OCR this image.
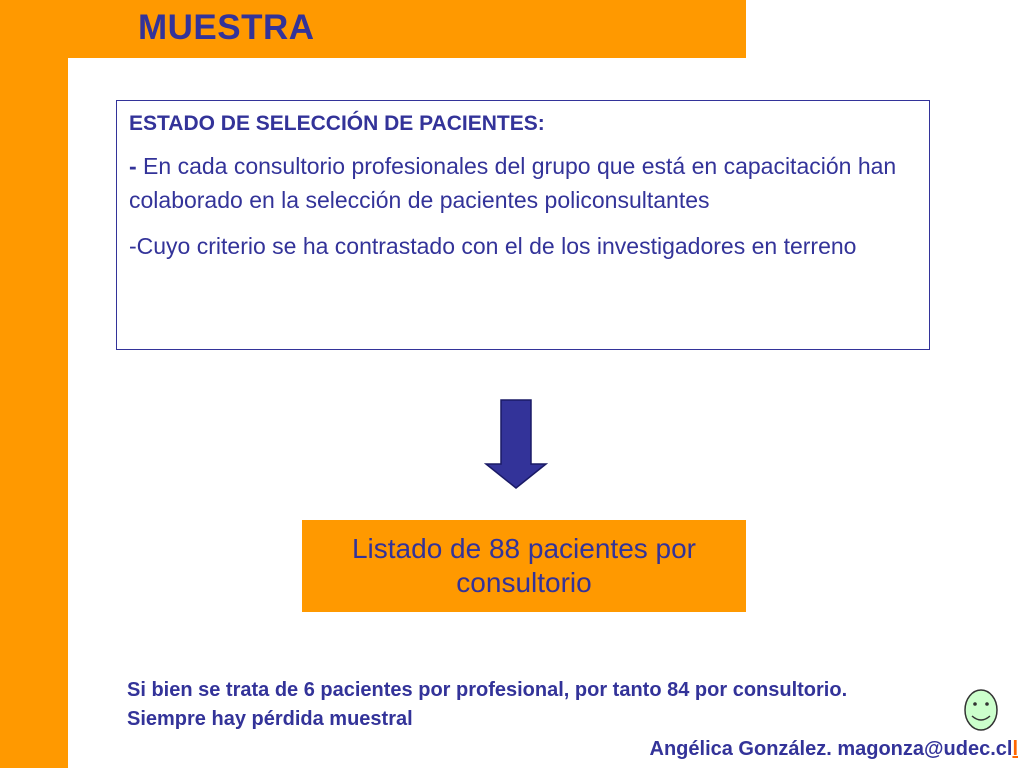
MUESTRA
ESTADO DE SELECCIÓN DE PACIENTES:
- En cada consultorio profesionales del grupo que está en capacitación han colaborado en la selección de pacientes policonsultantes
-Cuyo criterio se ha contrastado con el de los investigadores en terreno
Listado de 88 pacientes por consultorio
Si bien se trata de 6 pacientes por profesional, por tanto 84 por consultorio. Siempre hay pérdida muestral
Angélica González. magonza@udec.cll
